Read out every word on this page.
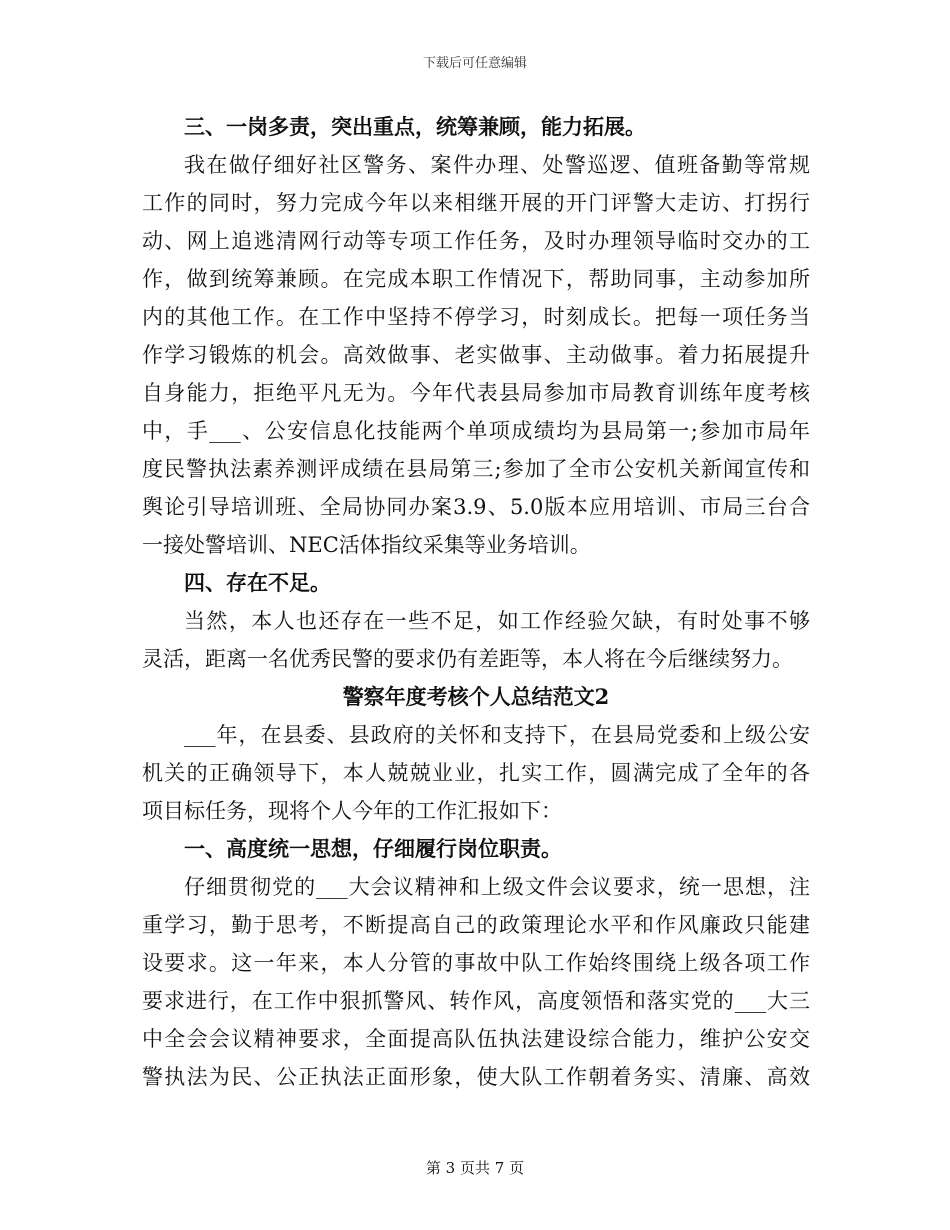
下载后可任意编辑
三、一岗多责，突出重点，统筹兼顾，能力拓展。
我在做仔细好社区警务、案件办理、处警巡逻、值班备勤等常规
工作的同时，努力完成今年以来相继开展的开门评警大走访、打拐行
动、网上追逃清网行动等专项工作任务，及时办理领导临时交办的工
作，做到统筹兼顾。在完成本职工作情况下，帮助同事，主动参加所
内的其他工作。在工作中坚持不停学习，时刻成长。把每一项任务当
作学习锻炼的机会。高效做事、老实做事、主动做事。着力拓展提升
自身能力，拒绝平凡无为。今年代表县局参加市局教育训练年度考核
中，手___、公安信息化技能两个单项成绩均为县局第一;参加市局年
度民警执法素养测评成绩在县局第三;参加了全市公安机关新闻宣传和
舆论引导培训班、全局协同办案3.9、5.0版本应用培训、市局三台合
一接处警培训、NEC活体指纹采集等业务培训。
四、存在不足。
当然，本人也还存在一些不足，如工作经验欠缺，有时处事不够
灵活，距离一名优秀民警的要求仍有差距等，本人将在今后继续努力。
警察年度考核个人总结范文2
___年，在县委、县政府的关怀和支持下，在县局党委和上级公安
机关的正确领导下，本人兢兢业业，扎实工作，圆满完成了全年的各
项目标任务，现将个人今年的工作汇报如下：
一、高度统一思想，仔细履行岗位职责。
仔细贯彻党的___大会议精神和上级文件会议要求，统一思想，注
重学习，勤于思考，不断提高自己的政策理论水平和作风廉政只能建
设要求。这一年来，本人分管的事故中队工作始终围绕上级各项工作
要求进行，在工作中狠抓警风、转作风，高度领悟和落实党的___大三
中全会会议精神要求，全面提高队伍执法建设综合能力，维护公安交
警执法为民、公正执法正面形象，使大队工作朝着务实、清廉、高效
第 3 页共 7 页
